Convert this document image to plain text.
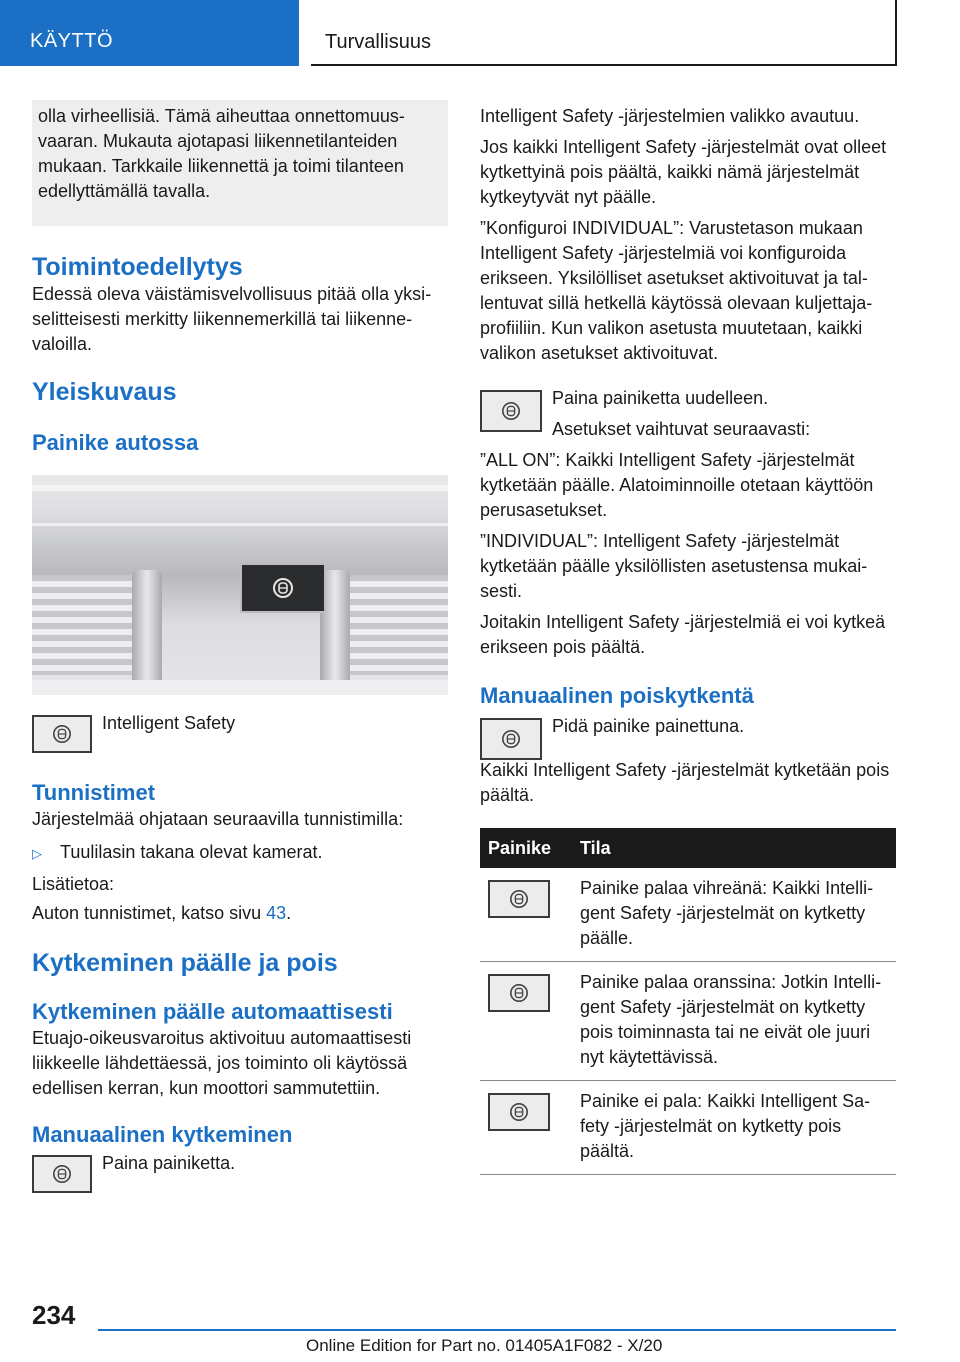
KÄYTTÖ	Turvallisuus
olla virheellisiä. Tämä aiheuttaa onnettomuusvaaran. Mukauta ajotapasi liikennetilanteiden mukaan. Tarkkaile liikennettä ja toimi tilanteen edellyttämällä tavalla.
Toimintoedellytys

Edessä oleva väistämisvelvollisuus pitää olla yksiselitteisesti merkitty liikennemerkillä tai liikennevaloilla.

Yleiskuvaus
Painike autossa

Intelligent Safety

Tunnistimet

Järjestelmää ohjataan seuraavilla tunnistimilla:

▷	Tuulilasin takana olevat kamerat.

Lisätietoa:

Auton tunnistimet, katso sivu 43.

Kytkeminen päälle ja pois
Kytkeminen päälle automaattisesti

Etuajo-oikeusvaroitus aktivoituu automaattisesti liikkeelle lähdettäessä, jos toiminto oli käytössä edellisen kerran, kun moottori sammutettiin.

Manuaalinen kytkeminen

Paina painiketta.

Intelligent Safety -järjestelmien valikko avautuu.

Jos kaikki Intelligent Safety -järjestelmät ovat olleet kytkettyinä pois päältä, kaikki nämä järjestelmät kytkeytyvät nyt päälle.

”Konfiguroi INDIVIDUAL”: Varustetason mukaan Intelligent Safety -järjestelmiä voi konfiguroida erikseen. Yksilölliset asetukset aktivoituvat ja tallentuvat sillä hetkellä käytössä olevaan kuljettajaprofiiliin. Kun valikon asetusta muutetaan, kaikki valikon asetukset aktivoituvat.

Paina painiketta uudelleen.

Asetukset vaihtuvat seuraavasti:

”ALL ON”: Kaikki Intelligent Safety -järjestelmät kytketään päälle. Alatoiminnoille otetaan käyttöön perusasetukset.

”INDIVIDUAL”: Intelligent Safety -järjestelmät kytketään päälle yksilöllisten asetustensa mukaisesti.

Joitakin Intelligent Safety -järjestelmiä ei voi kytkeä erikseen pois päältä.

Manuaalinen poiskytkentä

Pidä painike painettuna.

Kaikki Intelligent Safety -järjestelmät kytketään pois päältä.

Painike	Tila

	Painike palaa vihreänä: Kaikki Intelligent Safety -järjestelmät on kytketty päälle.

	Painike palaa oranssina: Jotkin Intelligent Safety -järjestelmät on kytketty pois toiminnasta tai ne eivät ole juuri nyt käytettävissä.

	Painike ei pala: Kaikki Intelligent Safety -järjestelmät on kytketty pois päältä.
234
Online Edition for Part no. 01405A1F082 - X/20
